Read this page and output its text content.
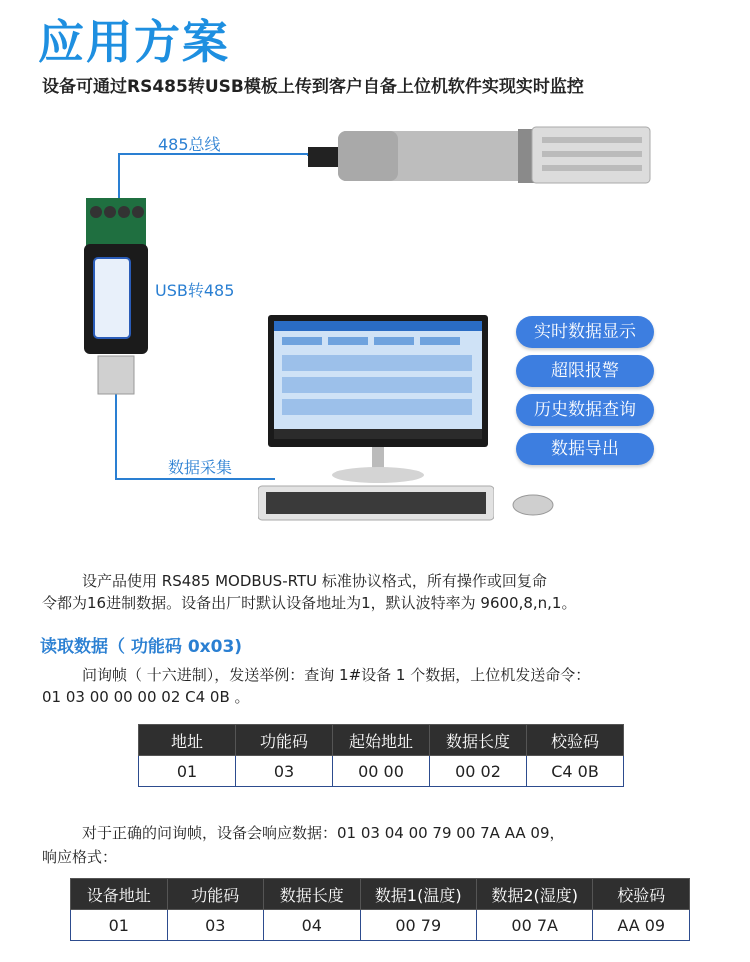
应用方案
设备可通过RS485转USB模板上传到客户自备上位机软件实现实时监控
485总线
USB转485
数据采集
实时数据显示
超限报警
历史数据查询
数据导出
设产品使用 RS485 MODBUS-RTU 标准协议格式，所有操作或回复命
令都为16进制数据。设备出厂时默认设备地址为1，默认波特率为 9600,8,n,1。
读取数据（ 功能码 0x03)
问询帧（ 十六进制），发送举例：查询 1#设备 1 个数据，上位机发送命令：
01 03 00 00 00 02 C4 0B 。
地址	功能码	起始地址	数据长度	校验码
01	03	00 00	00 02	C4 0B
对于正确的问询帧，设备会响应数据：01 03 04 00 79 00 7A AA 09，
响应格式：
设备地址	功能码	数据长度	数据1(温度)	数据2(湿度)	校验码
01	03	04	00 79	00 7A	AA 09
